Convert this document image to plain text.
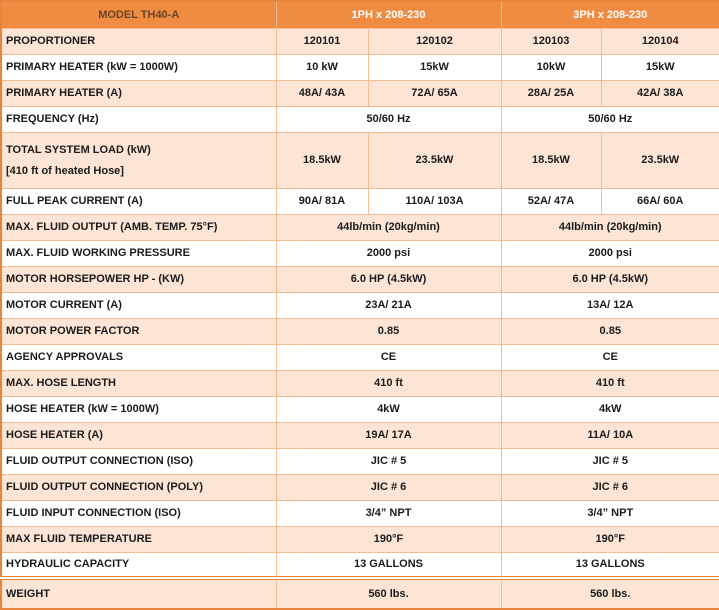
MODEL TH40-A	1PH x 208-230		3PH x 208-230	
PROPORTIONER	120101	120102	120103	120104
PRIMARY HEATER (kW = 1000W)	10 kW	15kW	10kW	15kW
PRIMARY HEATER (A)	48A/ 43A	72A/ 65A	28A/ 25A	42A/ 38A
FREQUENCY (Hz)	50/60 Hz		50/60 Hz	

TOTAL SYSTEM LOAD (kW)
[410 ft of heated Hose]	18.5kW	23.5kW	18.5kW	23.5kW
FULL PEAK CURRENT (A)	90A/ 81A	110A/ 103A	52A/ 47A	66A/ 60A
MAX. FLUID OUTPUT (AMB. TEMP. 75°F)	44lb/min (20kg/min)		44lb/min (20kg/min)	
MAX. FLUID WORKING PRESSURE	2000 psi		2000 psi	
MOTOR HORSEPOWER HP - (KW)	6.0 HP (4.5kW)		6.0 HP (4.5kW)	
MOTOR CURRENT (A)	23A/ 21A		13A/ 12A	
MOTOR POWER FACTOR	0.85		0.85	
AGENCY APPROVALS	CE		CE	
MAX. HOSE LENGTH	410 ft		410 ft	
HOSE HEATER (kW = 1000W)	4kW		4kW	
HOSE HEATER (A)	19A/ 17A		11A/ 10A	
FLUID OUTPUT CONNECTION (ISO)	JIC # 5		JIC # 5	
FLUID OUTPUT CONNECTION (POLY)	JIC # 6		JIC # 6	
FLUID INPUT CONNECTION (ISO)	3/4” NPT		3/4” NPT	
MAX FLUID TEMPERATURE	190°F		190°F	
HYDRAULIC CAPACITY	13 GALLONS		13 GALLONS	
WEIGHT	560 lbs.		560 lbs.	
